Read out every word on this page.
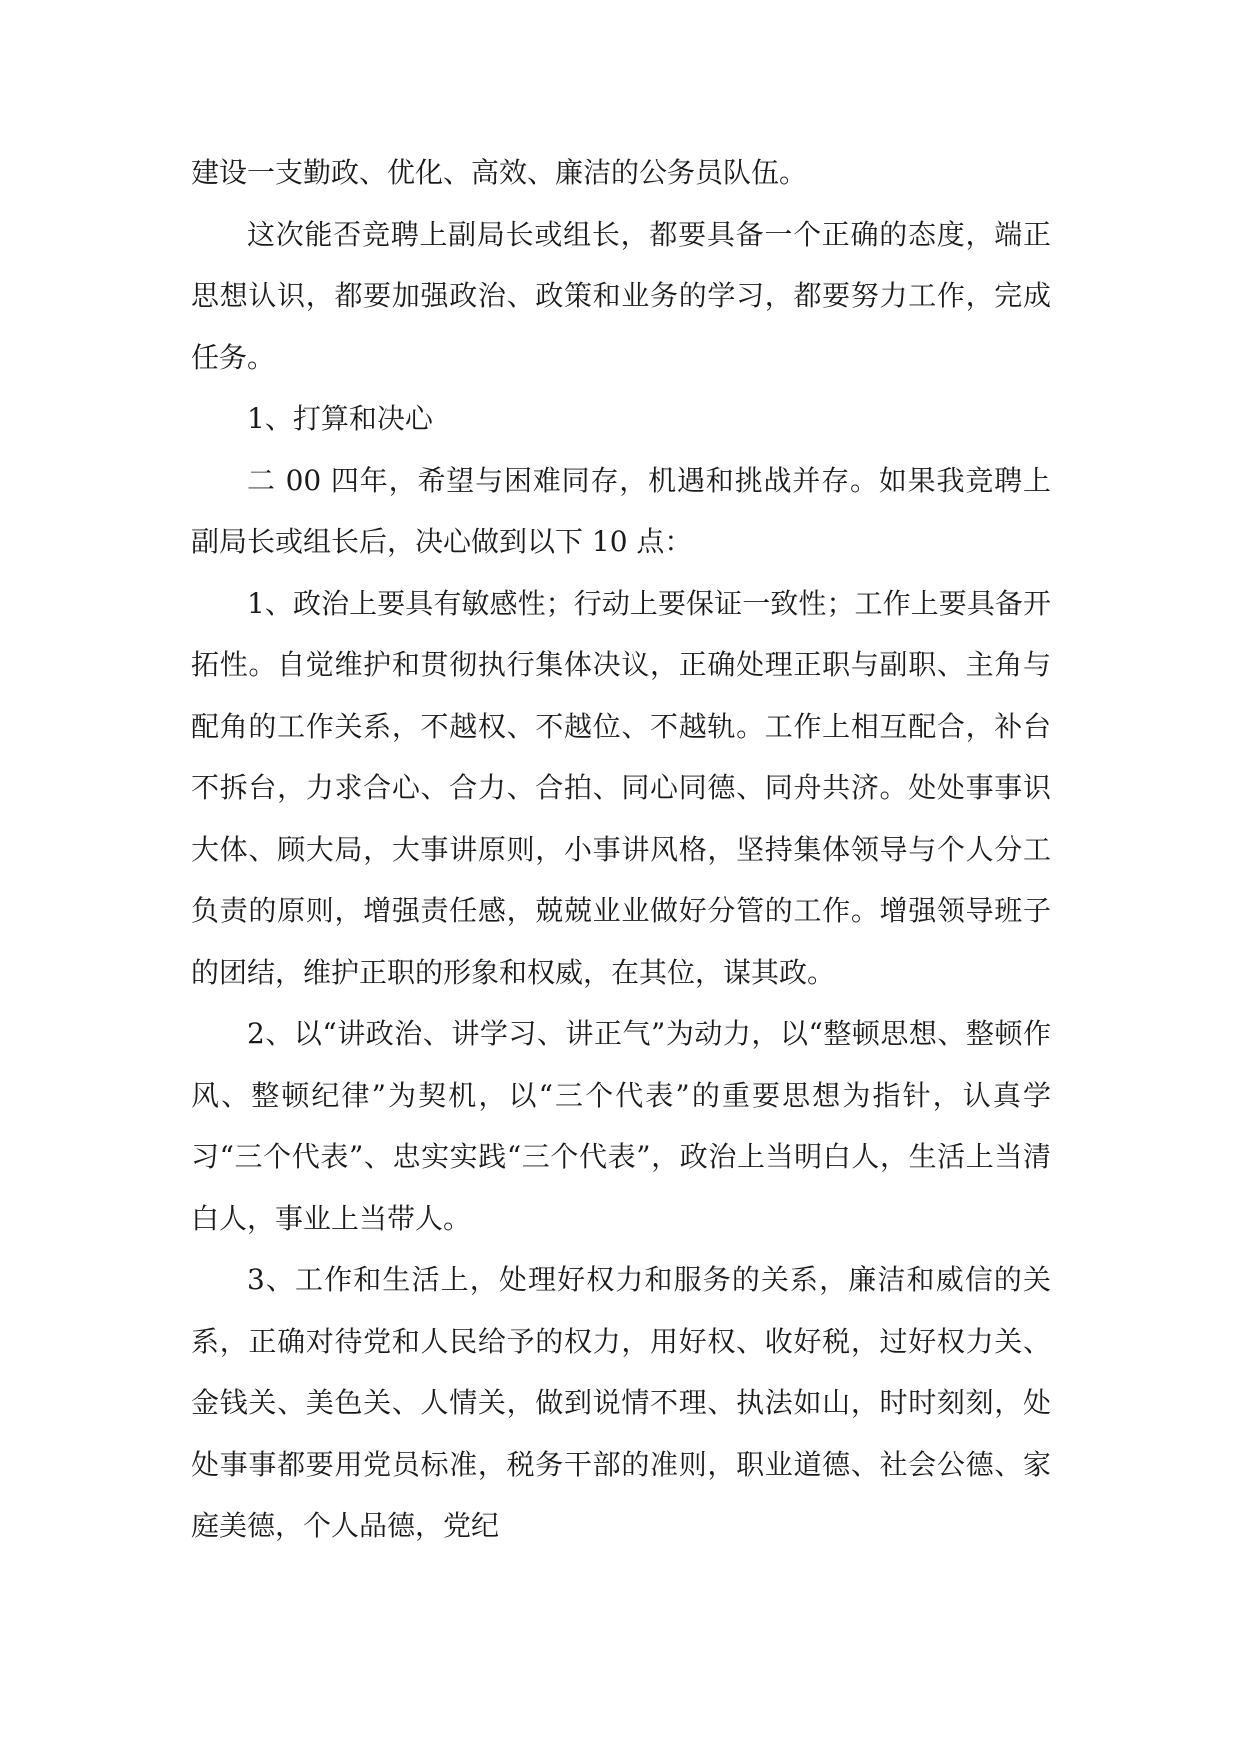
建设一支勤政、优化、高效、廉洁的公务员队伍。

这次能否竞聘上副局长或组长，都要具备一个正确的态度，端正思想认识，都要加强政治、政策和业务的学习，都要努力工作，完成任务。

1、打算和决心

二 00 四年，希望与困难同存，机遇和挑战并存。如果我竞聘上副局长或组长后，决心做到以下 10 点：

1、政治上要具有敏感性；行动上要保证一致性；工作上要具备开拓性。自觉维护和贯彻执行集体决议，正确处理正职与副职、主角与配角的工作关系，不越权、不越位、不越轨。工作上相互配合，补台不拆台，力求合心、合力、合拍、同心同德、同舟共济。处处事事识大体、顾大局，大事讲原则，小事讲风格，坚持集体领导与个人分工负责的原则，增强责任感，兢兢业业做好分管的工作。增强领导班子的团结，维护正职的形象和权威，在其位，谋其政。

2、以“讲政治、讲学习、讲正气”为动力，以“整顿思想、整顿作风、整顿纪律”为契机，以“三个代表”的重要思想为指针，认真学习“三个代表”、忠实实践“三个代表”，政治上当明白人，生活上当清白人，事业上当带人。

3、工作和生活上，处理好权力和服务的关系，廉洁和威信的关系，正确对待党和人民给予的权力，用好权、收好税，过好权力关、金钱关、美色关、人情关，做到说情不理、执法如山，时时刻刻，处处事事都要用党员标准，税务干部的准则，职业道德、社会公德、家庭美德，个人品德，党纪
